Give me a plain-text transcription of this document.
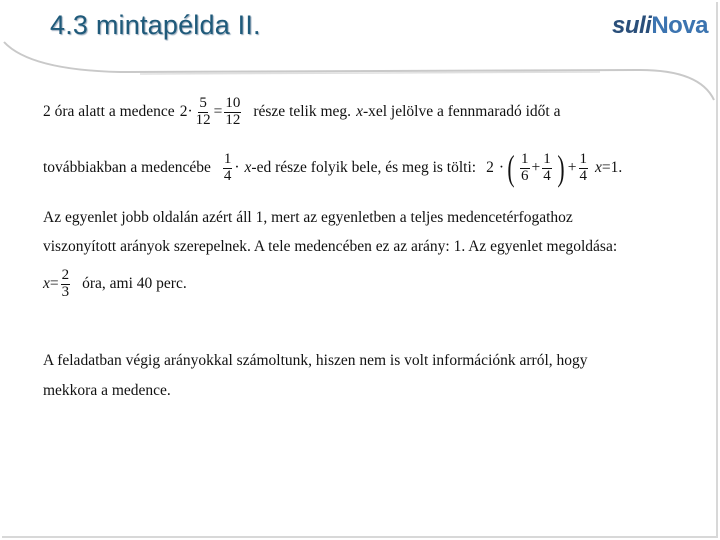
4.3 mintapélda II.	suliNova
2 óra alatt a medence $2 \cdot \frac{5}{12} = \frac{10}{12}$ része telik meg. x -xel jelölve a fennmaradó időt a
továbbiakban a medencébe $\frac{1}{4} \cdot x$ -ed része folyik bele, és meg is tölti: 2 · ( $\frac{1}{6} + \frac{1}{4}$ ) + $\frac{1}{4}$ x = 1 .
Az egyenlet jobb oldalán azért áll 1, mert az egyenletben a teljes medencetérfogathoz
viszonyított arányok szerepelnek. A tele medencében ez az arány: 1. Az egyenlet megoldása:
$x = \frac{2}{3}$ óra, ami 40 perc.
A feladatban végig arányokkal számoltunk, hiszen nem is volt információnk arról, hogy
mekkora a medence.
